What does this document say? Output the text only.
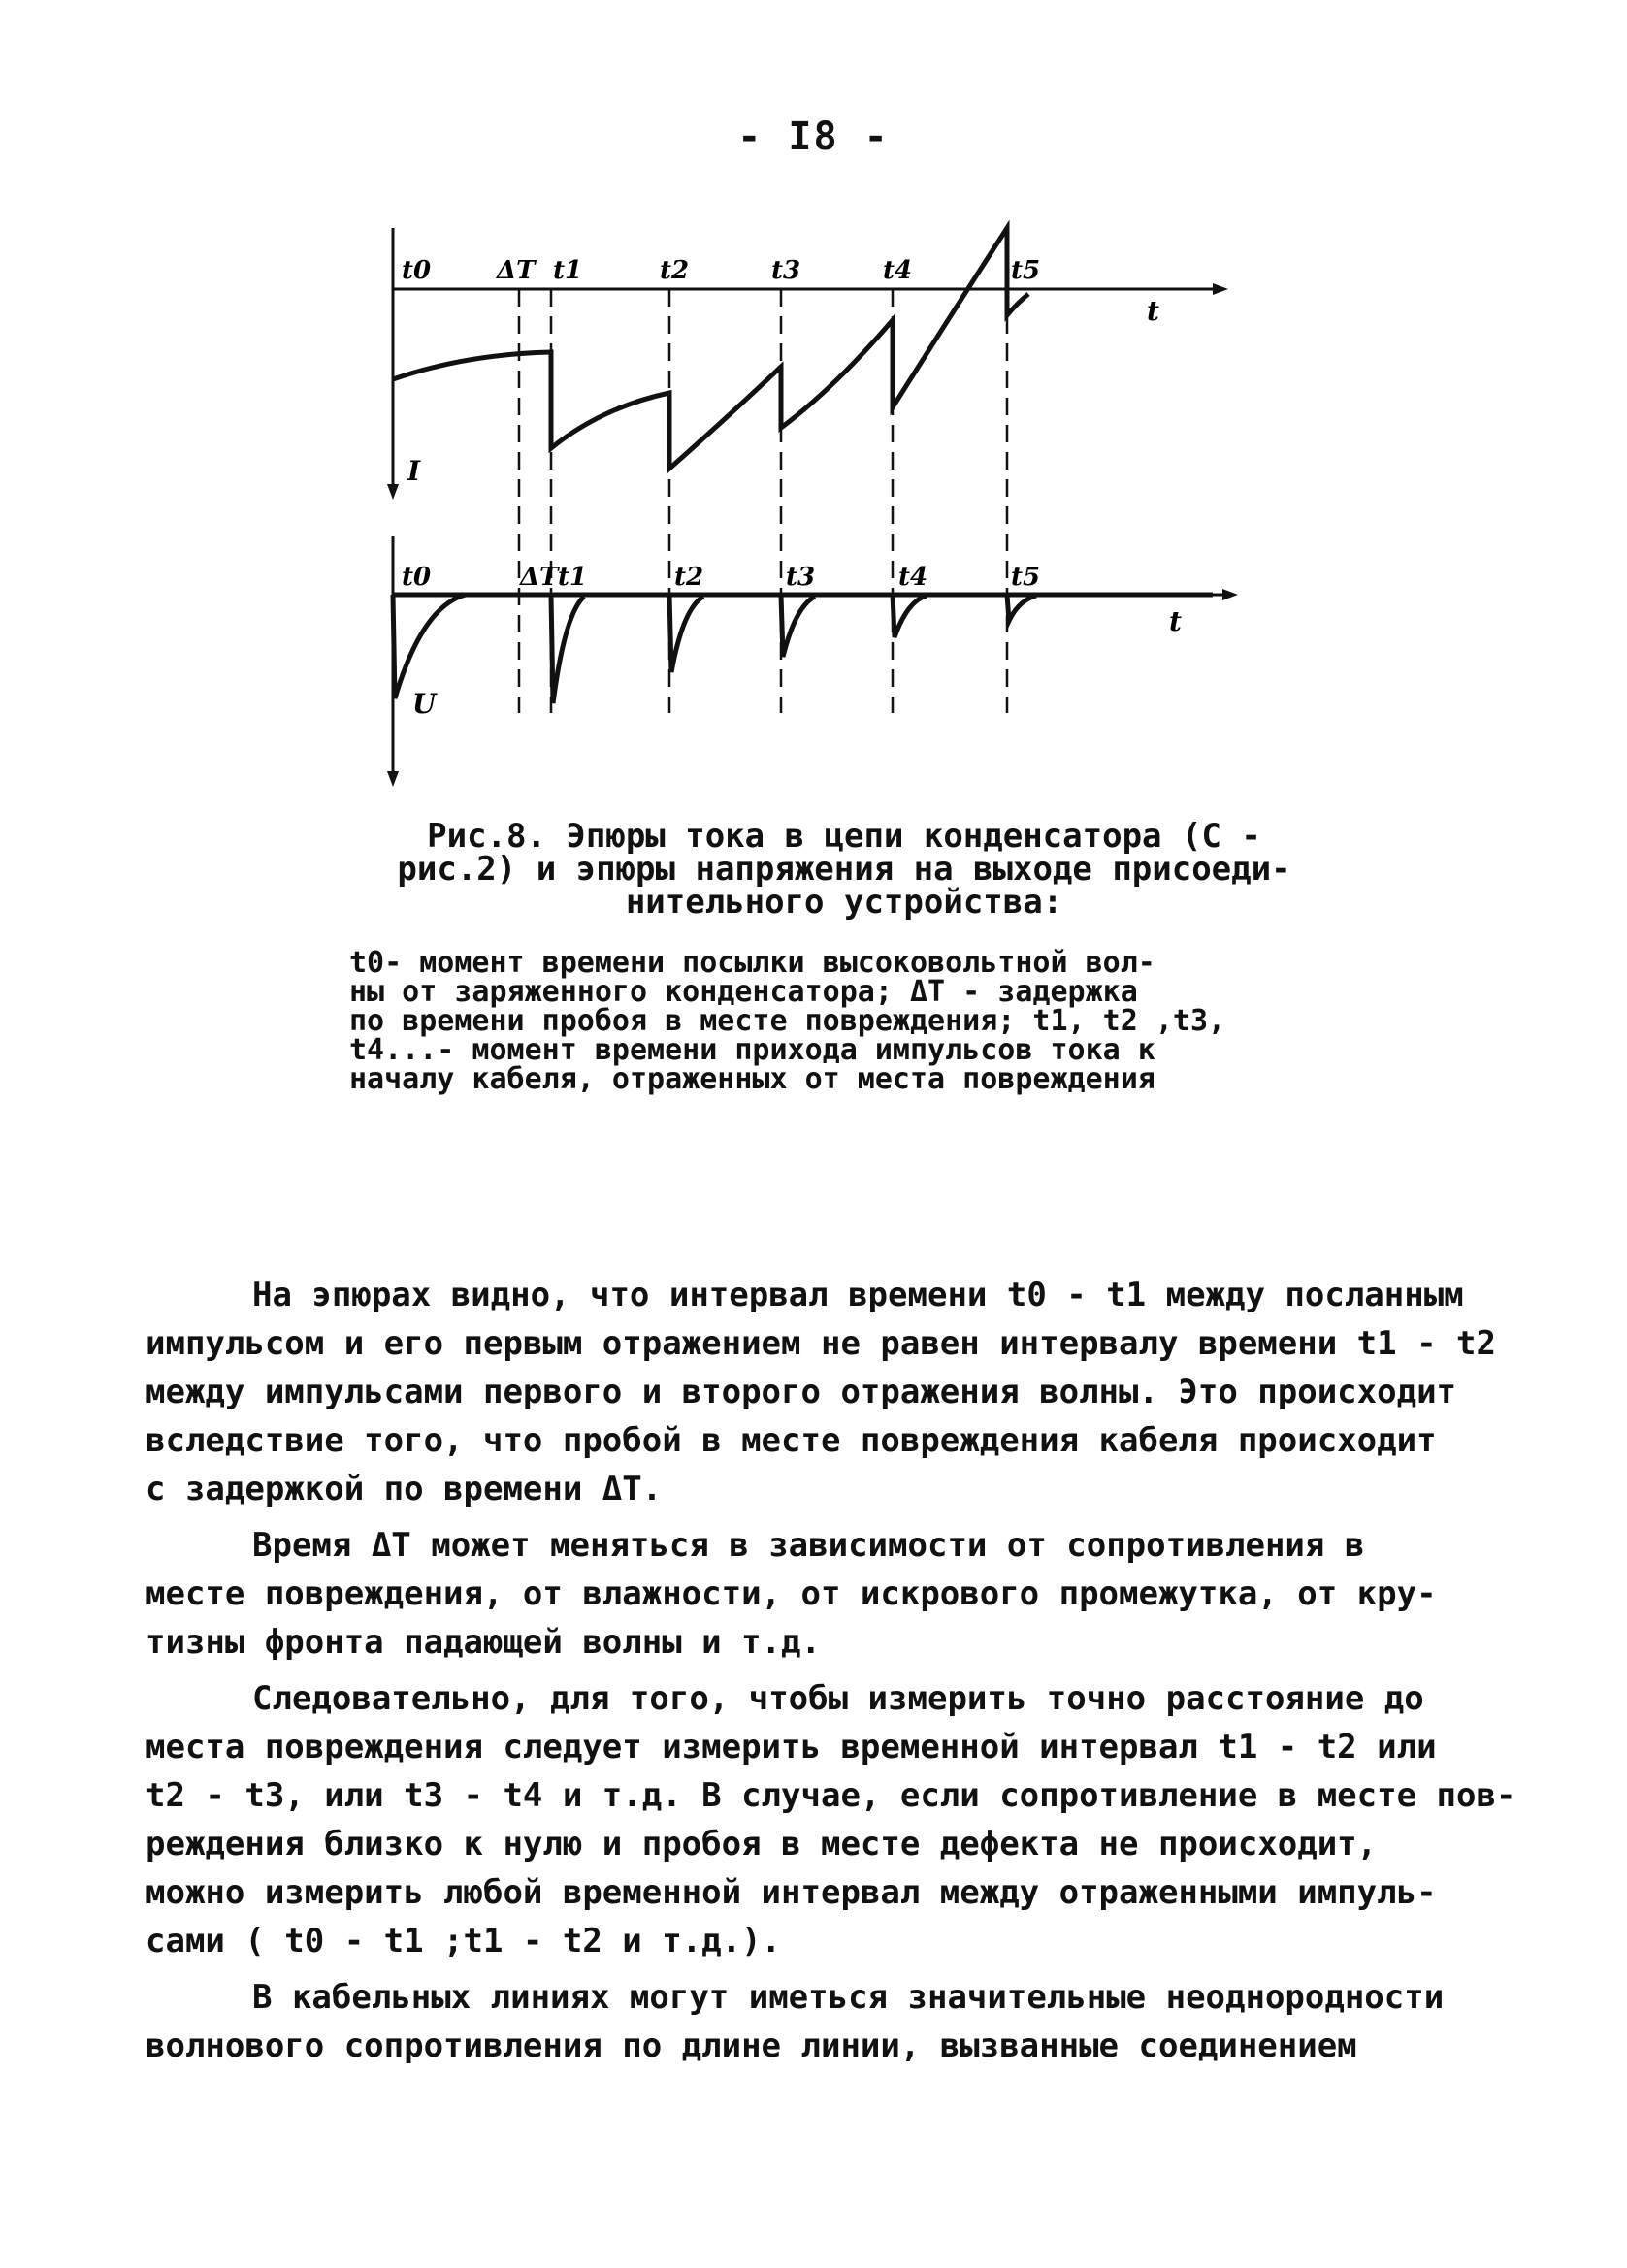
- I8 -
t0	ΔT t1	t2	t3	t4	t5
t
I
t0	ΔT t1	t2	t3	t4	t5
t
U
Рис.8. Эпюры тока в цепи конденсатора (С -
рис.2) и эпюры напряжения на выходе присоеди-
нительного устройства:
t0- момент времени посылки высоковольтной вол-
ны от заряженного конденсатора; ΔT - задержка
по времени пробоя в месте повреждения; t1, t2 ,t3,
t4...- момент времени прихода импульсов тока к
началу кабеля, отраженных от места повреждения
На эпюрах видно, что интервал времени t0 - t1 между посланным
импульсом и его первым отражением не равен интервалу времени t1 - t2
между импульсами первого и второго отражения волны. Это происходит
вследствие того, что пробой в месте повреждения кабеля происходит
с задержкой по времени ΔT.
Время ΔT может меняться в зависимости от сопротивления в
месте повреждения, от влажности, от искрового промежутка, от кру-
тизны фронта падающей волны и т.д.
Следовательно, для того, чтобы измерить точно расстояние до
места повреждения следует измерить временной интервал t1 - t2 или
t2 - t3, или t3 - t4 и т.д. В случае, если сопротивление в месте пов-
реждения близко к нулю и пробоя в месте дефекта не происходит,
можно измерить любой временной интервал между отраженными импуль-
сами ( t0 - t1 ;t1 - t2 и т.д.).
В кабельных линиях могут иметься значительные неоднородности
волнового сопротивления по длине линии, вызванные соединением
